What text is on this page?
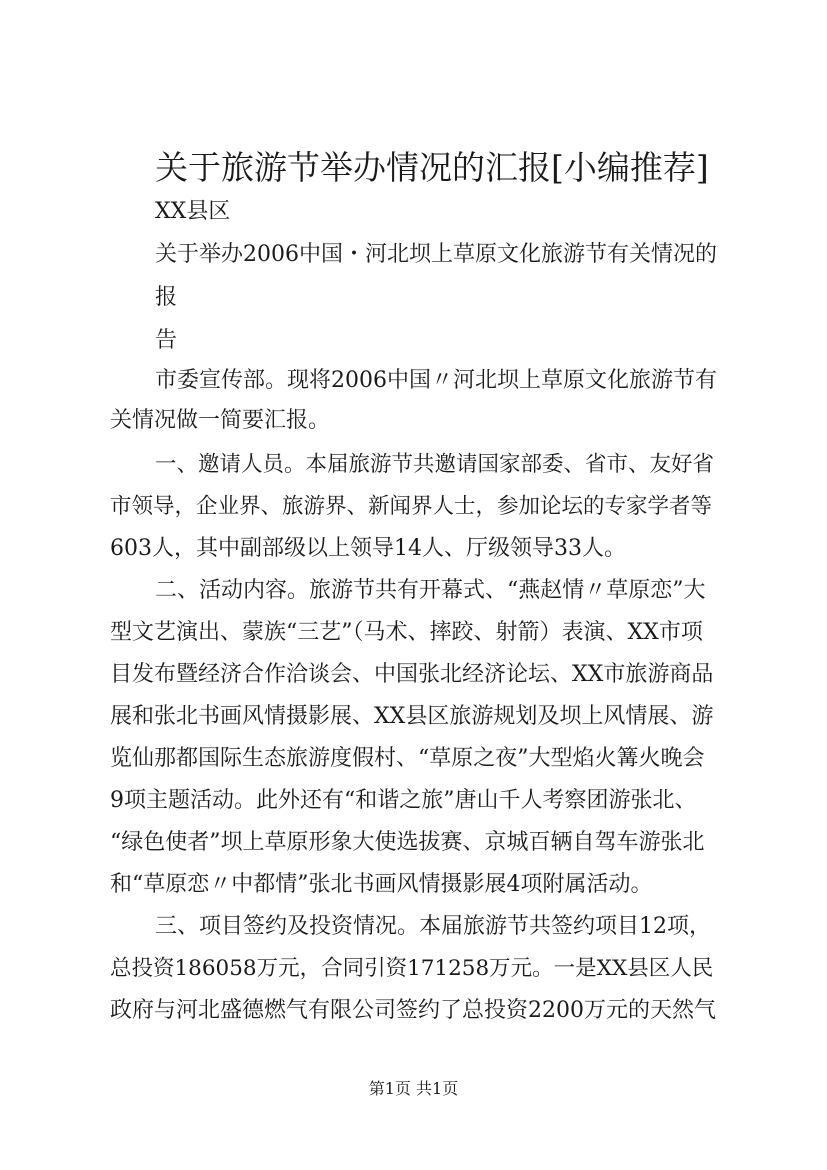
关于旅游节举办情况的汇报[小编推荐]
XX县区
关于举办2006中国・河北坝上草原文化旅游节有关情况的
报
告
市委宣传部。现将2006中国〃河北坝上草原文化旅游节有
关情况做一简要汇报。
一、邀请人员。本届旅游节共邀请国家部委、省市、友好省
市领导，企业界、旅游界、新闻界人士，参加论坛的专家学者等
603人，其中副部级以上领导14人、厅级领导33人。
二、活动内容。旅游节共有开幕式、“燕赵情〃草原恋”大
型文艺演出、蒙族“三艺”（马术、摔跤、射箭）表演、XX市项
目发布暨经济合作洽谈会、中国张北经济论坛、XX市旅游商品
展和张北书画风情摄影展、XX县区旅游规划及坝上风情展、游
览仙那都国际生态旅游度假村、“草原之夜”大型焰火篝火晚会
9项主题活动。此外还有“和谐之旅”唐山千人考察团游张北、
“绿色使者”坝上草原形象大使选拔赛、京城百辆自驾车游张北
和“草原恋〃中都情”张北书画风情摄影展4项附属活动。
三、项目签约及投资情况。本届旅游节共签约项目12项，
总投资186058万元，合同引资171258万元。一是XX县区人民
政府与河北盛德燃气有限公司签约了总投资2200万元的天然气
第1页 共1页
